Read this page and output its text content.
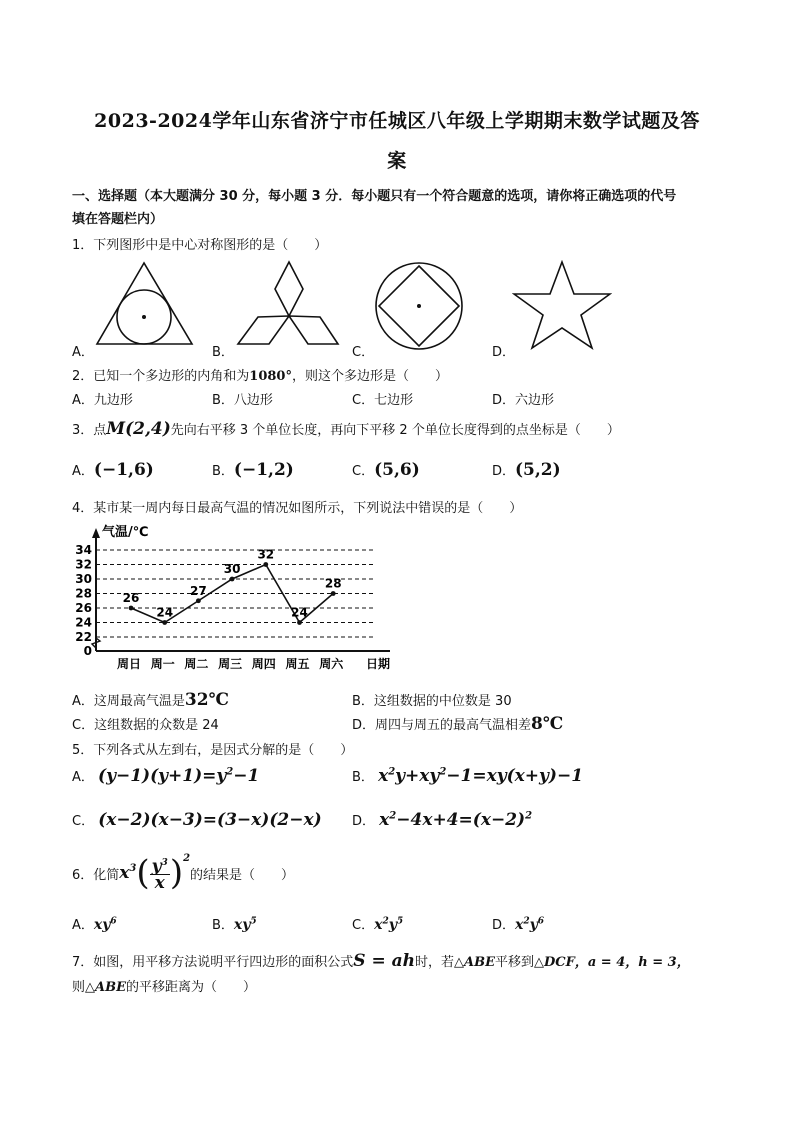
2023-2024学年山东省济宁市任城区八年级上学期期末数学试题及答
案
一、选择题（本大题满分 30 分，每小题 3 分．每小题只有一个符合题意的选项，请你将正确选项的代号
填在答题栏内）
1．下列图形中是中心对称图形的是（　　）
A．	B．	C．	D．
2．已知一个多边形的内角和为1080°，则这个多边形是（　　）
A．九边形	B．八边形	C．七边形	D．六边形
3．点M(2,4)先向右平移 3 个单位长度，再向下平移 2 个单位长度得到的点坐标是（　　）
A．(−1,6)	B．(−1,2)	C．(5,6)	D．(5,2)
4．某市某一周内每日最高气温的情况如图所示，下列说法中错误的是（　　）
气温/℃
0
22
24
26
28
30
32
34
周日 周一 周二 周三 周四 周五 周六 日期
26
24
27
30
32
24
28
A．这周最高气温是32℃	B．这组数据的中位数是 30
C．这组数据的众数是 24	D．周四与周五的最高气温相差8℃
5．下列各式从左到右，是因式分解的是（　　）
A． $(y-1)(y+1)=y^2-1$	B． $x^2y+xy^2-1=xy(x+y)-1$
C． (x−2)(x−3)=(3−x)(2−x) D． $x^2-4x+4=(x-2)^2$
6．化简 x 3 ( $\frac{y^3}{x} )^2$
的结果是（　　）
A．$xy^6$	B．$xy^5$	C．$x^2y^5$	D．$x^2y^6$
7．如图，用平移方法说明平行四边形的面积公式S = ah时，若△ABE平移到△DCF，a = 4，h = 3，
则△ABE的平移距离为（　　）
